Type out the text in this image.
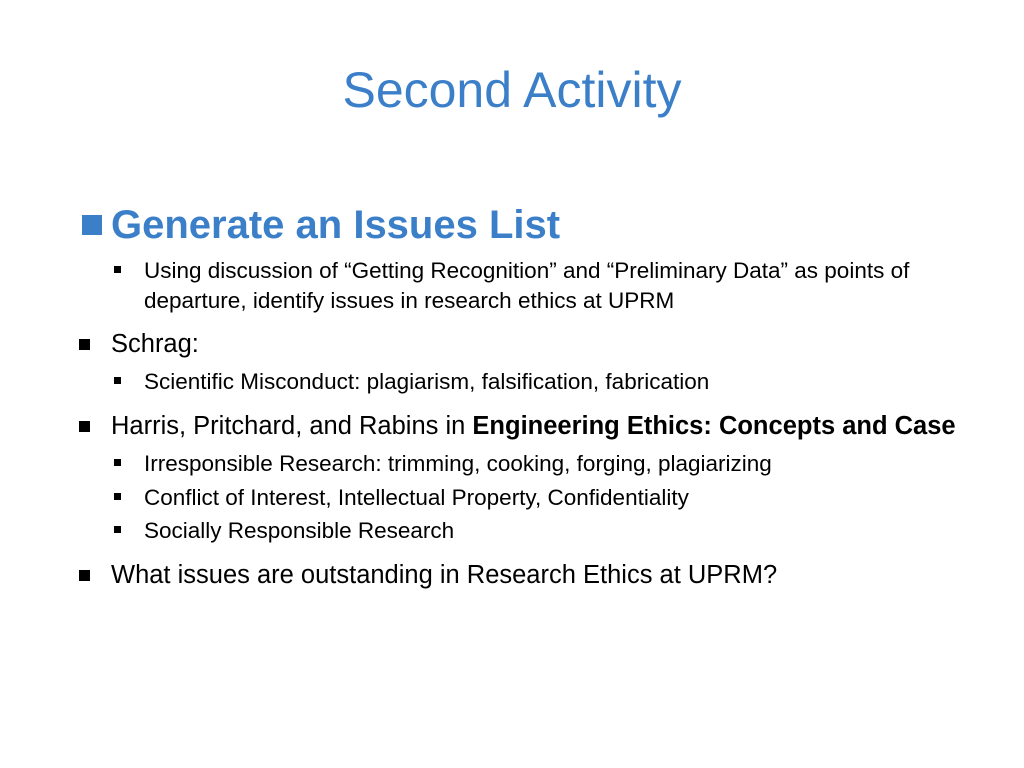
Second Activity
Generate an Issues List
Using discussion of “Getting Recognition” and “Preliminary Data” as points of departure, identify issues in research ethics at UPRM
Schrag:
Scientific Misconduct: plagiarism, falsification, fabrication
Harris, Pritchard, and Rabins in Engineering Ethics: Concepts and Case
Irresponsible Research: trimming, cooking, forging, plagiarizing
Conflict of Interest, Intellectual Property, Confidentiality
Socially Responsible Research
What issues are outstanding in Research Ethics at UPRM?
